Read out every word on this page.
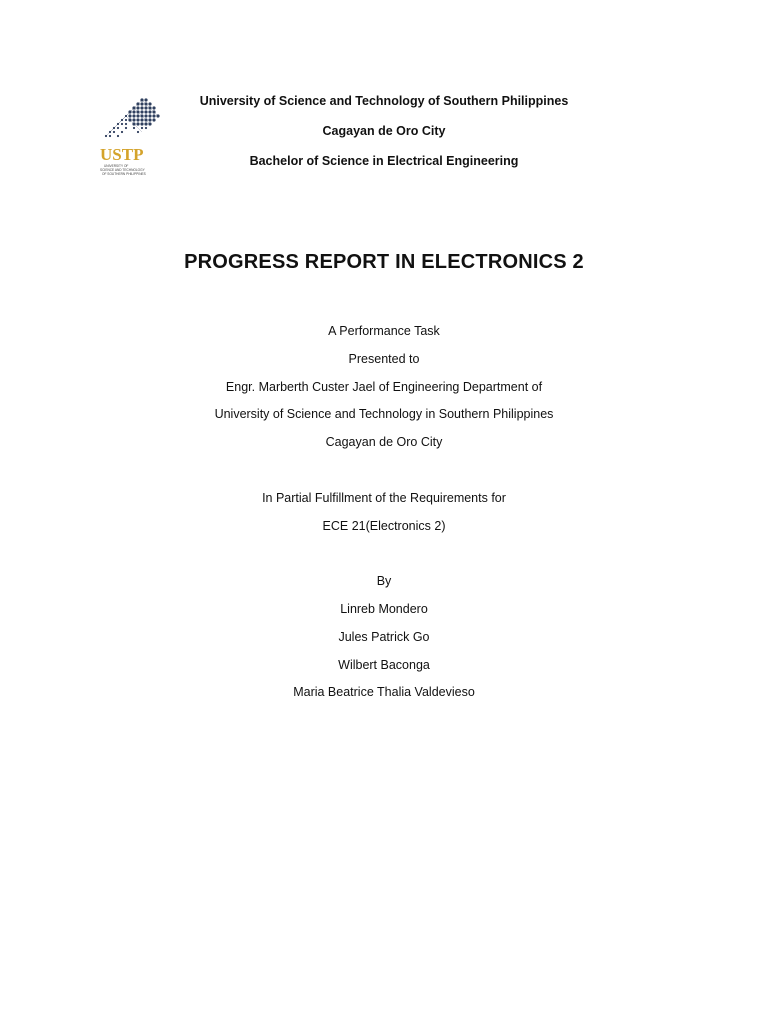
USTP
UNIVERSITY OF
SCIENCE AND TECHNOLOGY
OF SOUTHERN PHILIPPINES
University of Science and Technology of Southern Philippines
Cagayan de Oro City
Bachelor of Science in Electrical Engineering
PROGRESS REPORT IN ELECTRONICS 2
A Performance Task
Presented to
Engr. Marberth Custer Jael of Engineering Department of
University of Science and Technology in Southern Philippines
Cagayan de Oro City
In Partial Fulfillment of the Requirements for
ECE 21(Electronics 2)
By
Linreb Mondero
Jules Patrick Go
Wilbert Baconga
Maria Beatrice Thalia Valdevieso
